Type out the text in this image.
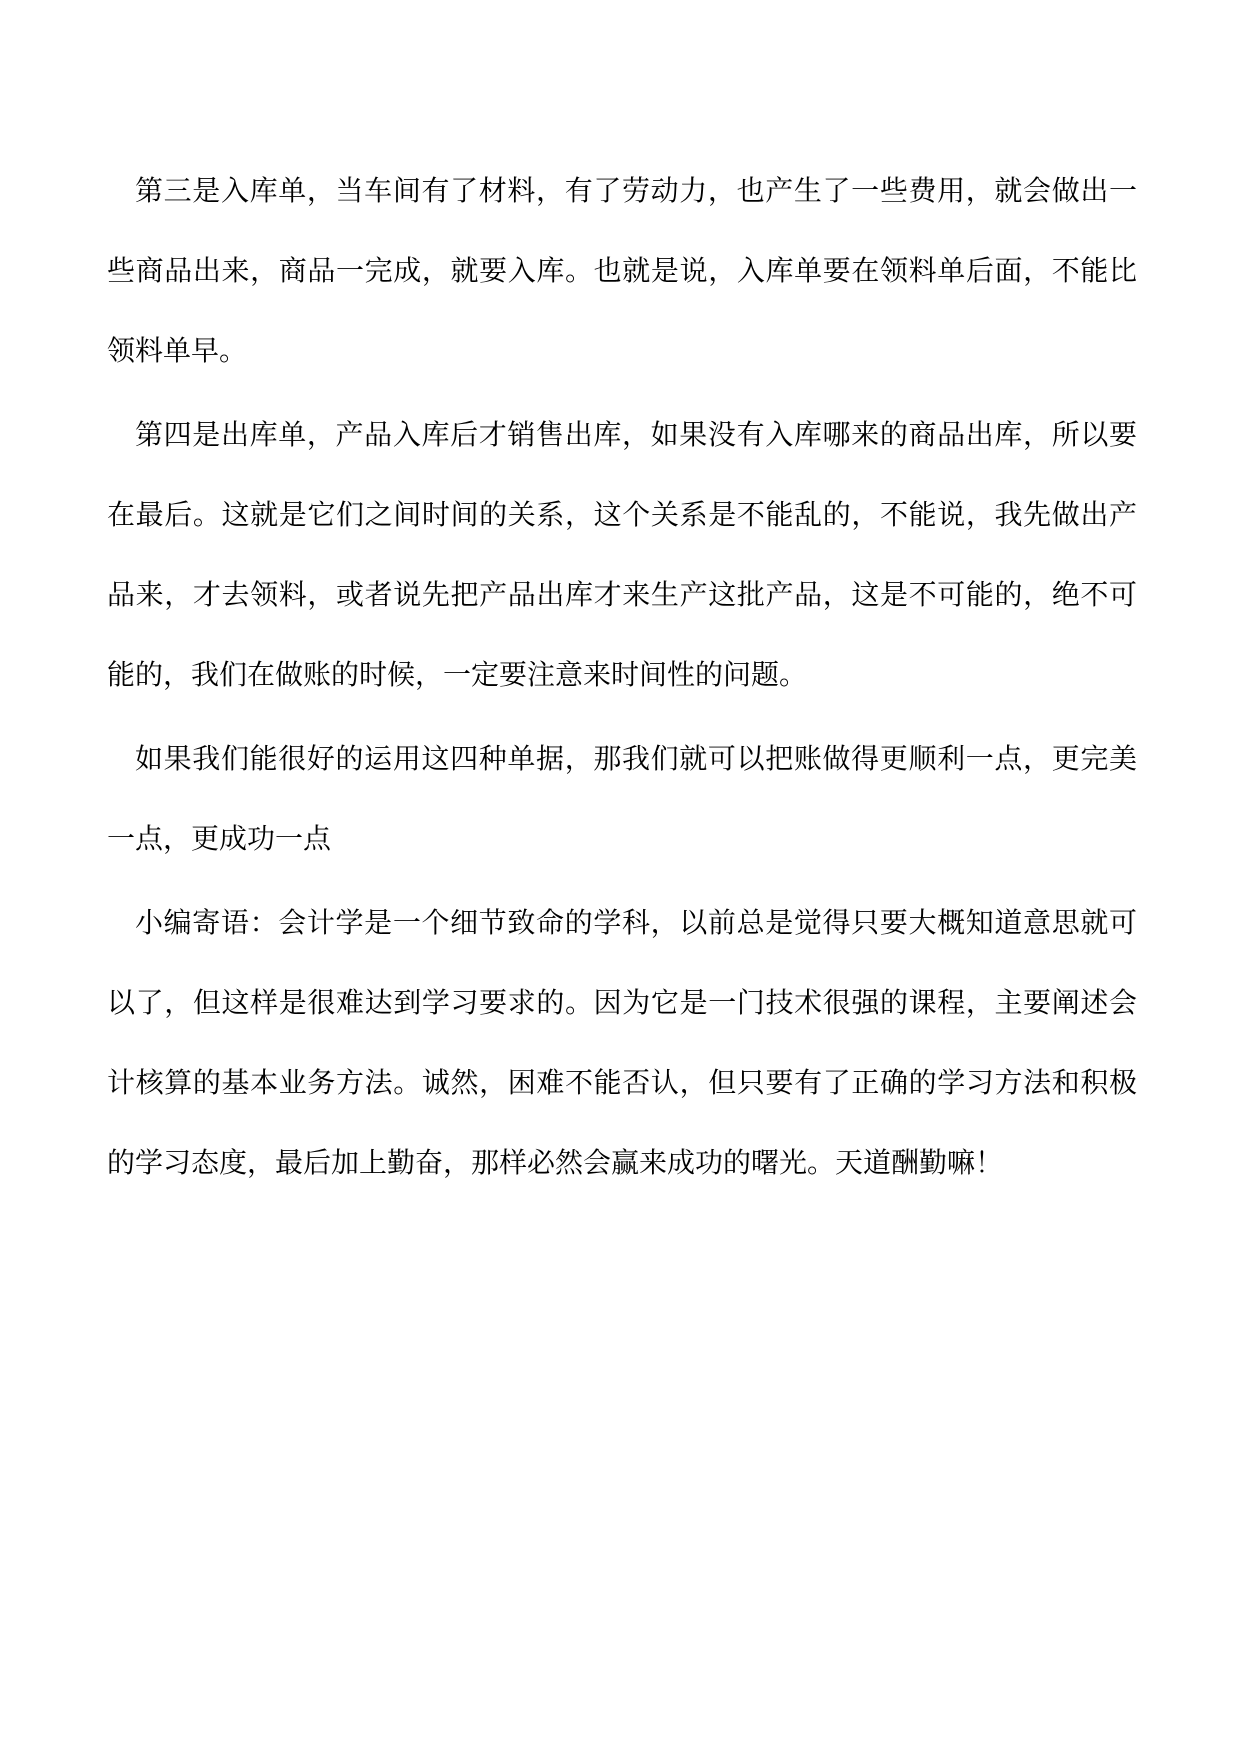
第三是入库单，当车间有了材料，有了劳动力，也产生了一些费用，就会做出一些商品出来，商品一完成，就要入库。也就是说，入库单要在领料单后面，不能比领料单早。

第四是出库单，产品入库后才销售出库，如果没有入库哪来的商品出库，所以要在最后。这就是它们之间时间的关系，这个关系是不能乱的，不能说，我先做出产品来，才去领料，或者说先把产品出库才来生产这批产品，这是不可能的，绝不可能的，我们在做账的时候，一定要注意来时间性的问题。

如果我们能很好的运用这四种单据，那我们就可以把账做得更顺利一点，更完美一点，更成功一点

小编寄语：会计学是一个细节致命的学科，以前总是觉得只要大概知道意思就可以了，但这样是很难达到学习要求的。因为它是一门技术很强的课程，主要阐述会计核算的基本业务方法。诚然，困难不能否认，但只要有了正确的学习方法和积极的学习态度，最后加上勤奋，那样必然会赢来成功的曙光。天道酬勤嘛！
